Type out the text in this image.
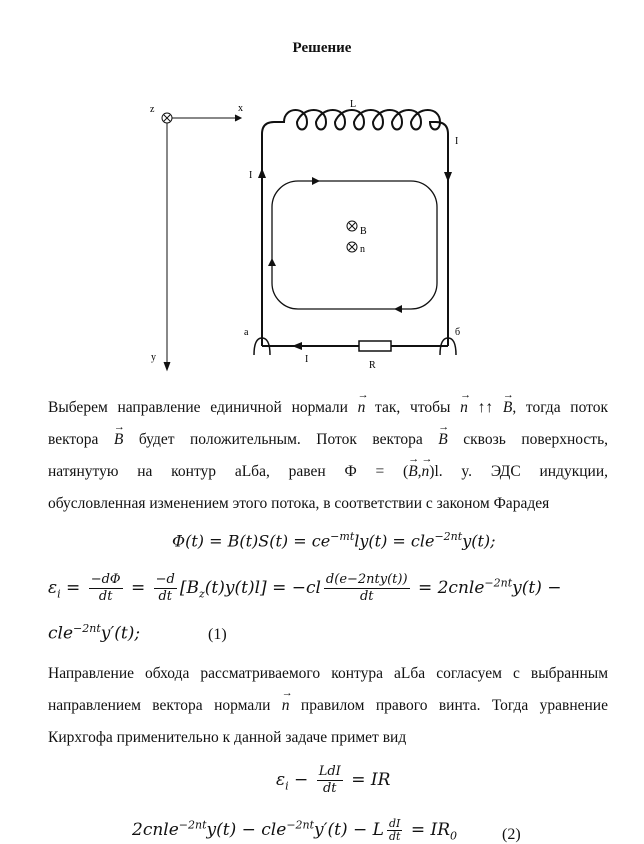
Решение
z	x
y
B
n
L
R
I
I
I
a	б
Выберем направление единичной нормали → n так, чтобы → n ↑↑ → B, тогда поток
вектора → B будет положительным. Поток вектора → B сквозь поверхность,
натянутую на контур aLбa, равен Ф = (→ B,→ n)l. y. ЭДС индукции,
обусловленная изменением этого потока, в соответствии с законом Фарадея
$\Phi(t) = B(t)S(t) = ce^{-mt}ly(t) = cle^{-2nt}y(t)$;
$\varepsilon_i = \frac{-d\Phi}{dt} = \frac{-d}{dt} [B_z(t)y(t)l] = -cl \frac{\text{d(e−2nty(t))}}{dt}$ = 2cnle$^{-2nt}$y(t) −
cle$^{-2nt}$y′(t);	(1)
Направление обхода рассматриваемого контура aLбa согласуем с выбранным
направлением вектора нормали → n правилом правого винта. Тогда уравнение
Кирхгофа применительно к данной задаче примет вид
$\varepsilon_i - \frac{\text{LdI}}{dt}$ = IR
2cnle$^{-2nt}$y(t) − cle$^{-2nt}$y′(t) − L $\frac{dI}{dt} = IR_0$	(2)
